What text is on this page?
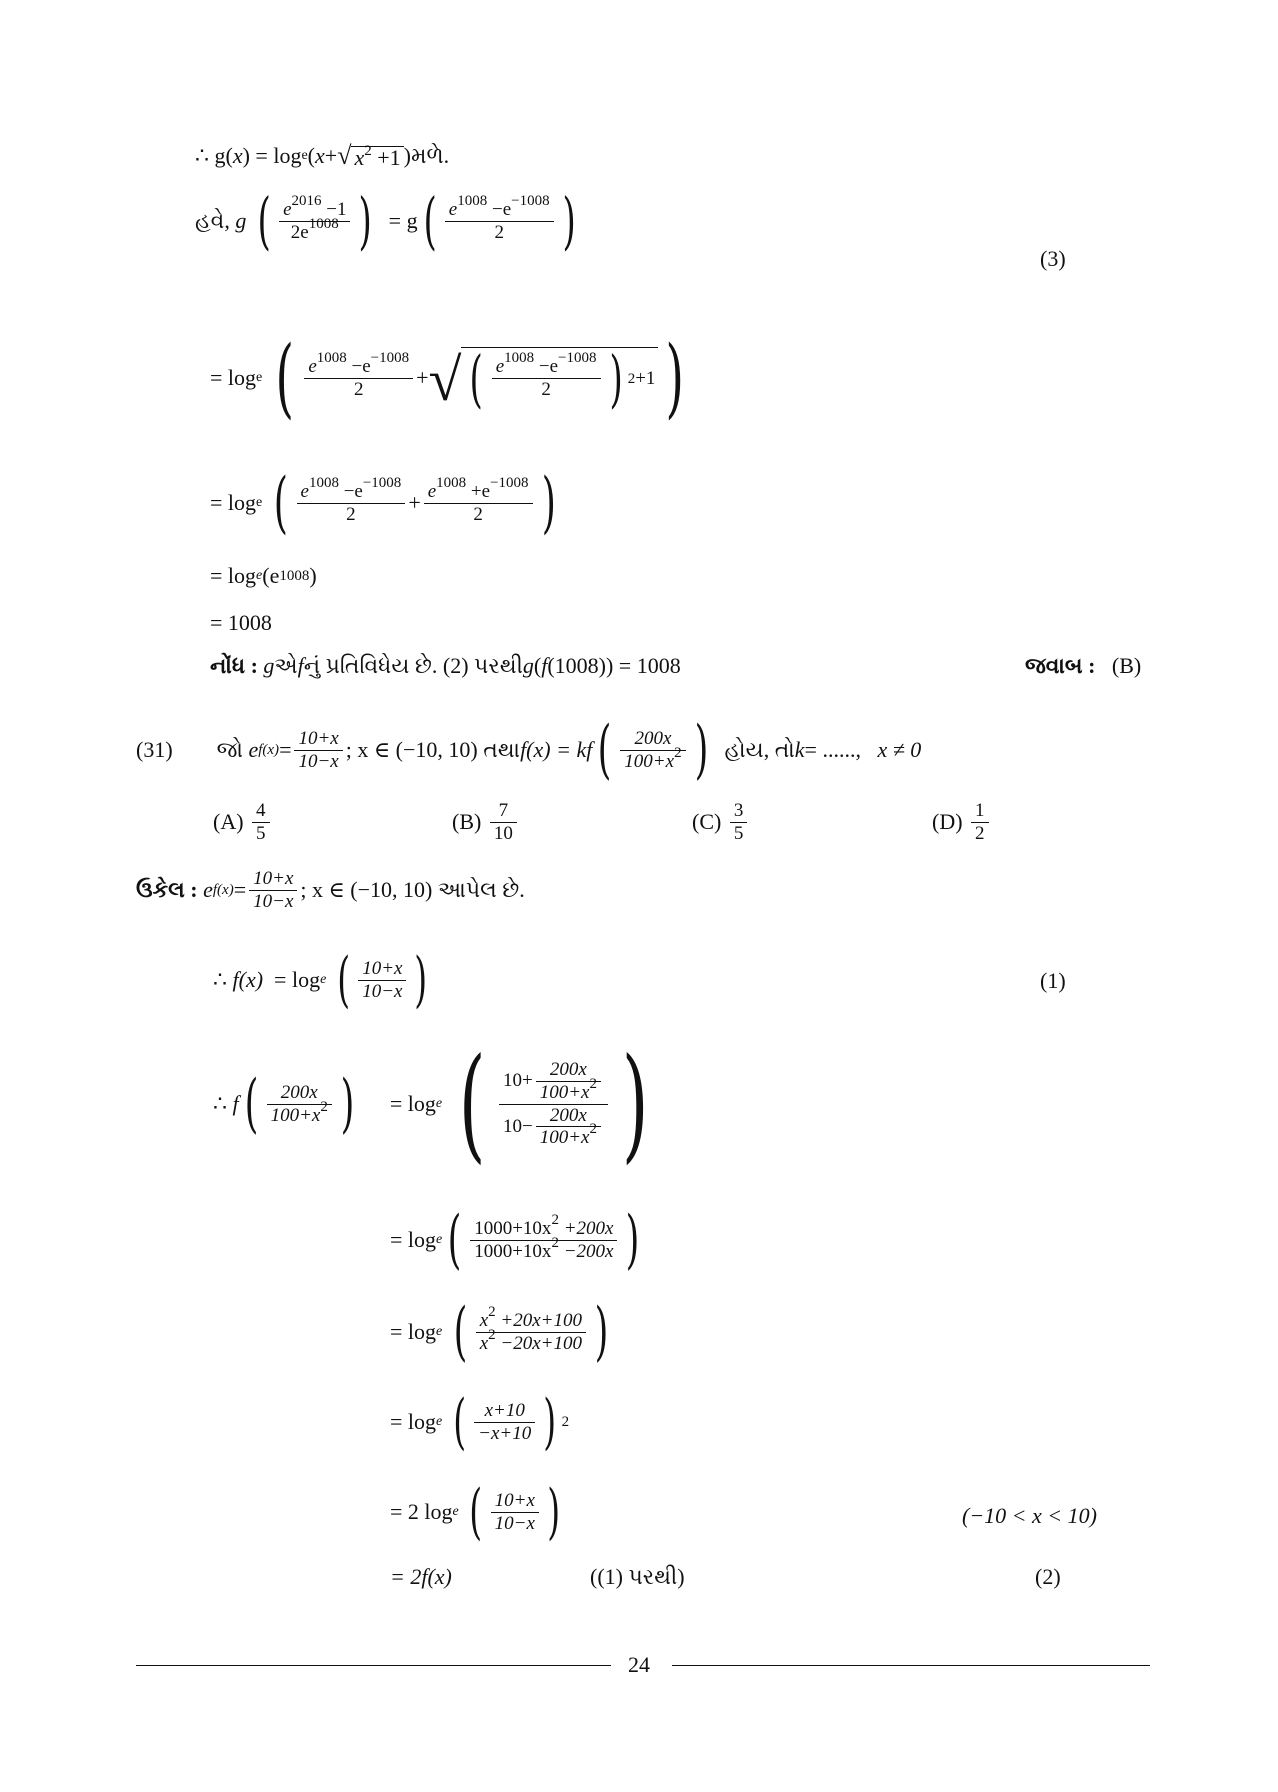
∴
g( x ) = log e ( x + √ $x^2 +1$ ) મળે.
હવે,
g
( $e^{2016} -1$
$2e^{1008}$ )
= g ( $e^{1008} -e^{-1008}$
2 )
(3)
= log e
( $e^{1008} -e^{-1008}$
2 + √ ( $e^{1008} -e^{-1008}$
2 ) 2 +1 )
= log e
( $e^{1008} -e^{-1008}$
$2 + e^{1008} +e^{-1008}$
2 )
= log e (e 1008 )
= 1008
નોંધ :
g એ f નું પ્રતિવિધેય છે. (2) પરથી g ( f (1008)) = 1008	જવાબ :
(B)
(31) જો
e f(x) = 10+x
10−x ; x ∈ (−10, 10) તથા f(x) = k f ( 200x
$100+x^2$ )
હોય, તો k = ......,
x ≠ 0
(A)
4
5	(B)
7
10	(C)
3
5	(D)
1
2
ઉકેલ :
e f(x) = 10+x
10−x ; x ∈ (−10, 10) આપેલ છે.
∴
f (x)
= log e
( 10+x
10−x )	(1)
∴
f ( 200x
$100+x^2$ ) = log e
( 10+
200x
$100+x^2$
10−
200x
$100+x^2$ )
= log e ( $1000+10x^2 +200x$
$1000+10x^2 -200x$ )
= log e
( $x^2 +20x+100$
$x^2 -20x+100$ )
= log e
( x+10
−x+10 ) 2
= 2 log e
( 10+x
10−x )	(−10 < x < 10)
= 2f(x)	((1) પરથી)	(2)
24
